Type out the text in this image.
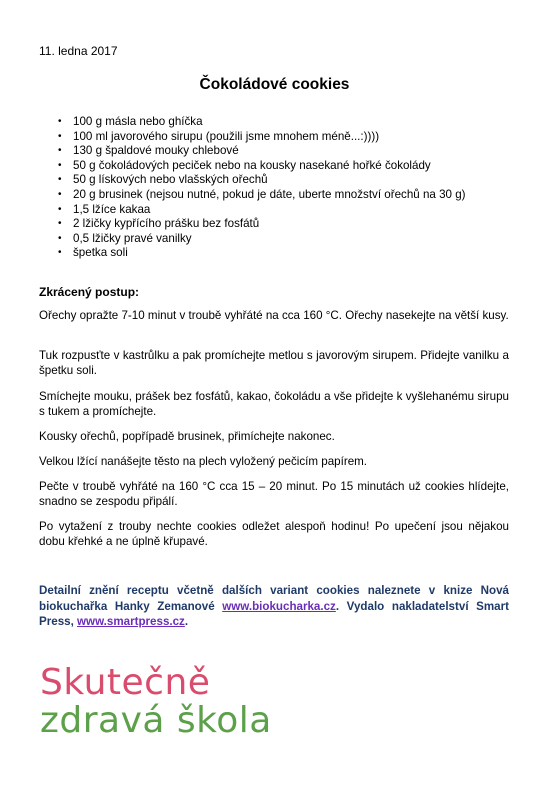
11. ledna 2017
Čokoládové cookies
• 100 g másla nebo ghíčka
• 100 ml javorového sirupu (použili jsme mnohem méně...:))))
• 130 g špaldové mouky chlebové
• 50 g čokoládových peciček nebo na kousky nasekané hořké čokolády
• 50 g lískových nebo vlašských ořechů
• 20 g brusinek (nejsou nutné, pokud je dáte, uberte množství ořechů na 30 g)
• 1,5 lžíce kakaa
• 2 lžičky kypřícího prášku bez fosfátů
• 0,5 lžičky pravé vanilky
• špetka soli
Zkrácený postup:
Ořechy opražte 7-10 minut v troubě vyhřáté na cca 160 °C. Ořechy nasekejte na větší kusy.
Tuk rozpusťte v kastrůlku a pak promíchejte metlou s javorovým sirupem. Přidejte vanilku a špetku soli.
Smíchejte mouku, prášek bez fosfátů, kakao, čokoládu a vše přidejte k vyšlehanému sirupu s tukem a promíchejte.
Kousky ořechů, popřípadě brusinek, přimíchejte nakonec.
Velkou lžící nanášejte těsto na plech vyložený pečicím papírem.
Pečte v troubě vyhřáté na 160 °C cca 15 – 20 minut. Po 15 minutách už cookies hlídejte, snadno se zespodu připálí.
Po vytažení z trouby nechte cookies odležet alespoň hodinu! Po upečení jsou nějakou dobu křehké a ne úplně křupavé.
Detailní znění receptu včetně dalších variant cookies naleznete v knize Nová biokuchařka Hanky Zemanové www.biokucharka.cz. Vydalo nakladatelství Smart Press, www.smartpress.cz.
Skutečně
zdravá škola
